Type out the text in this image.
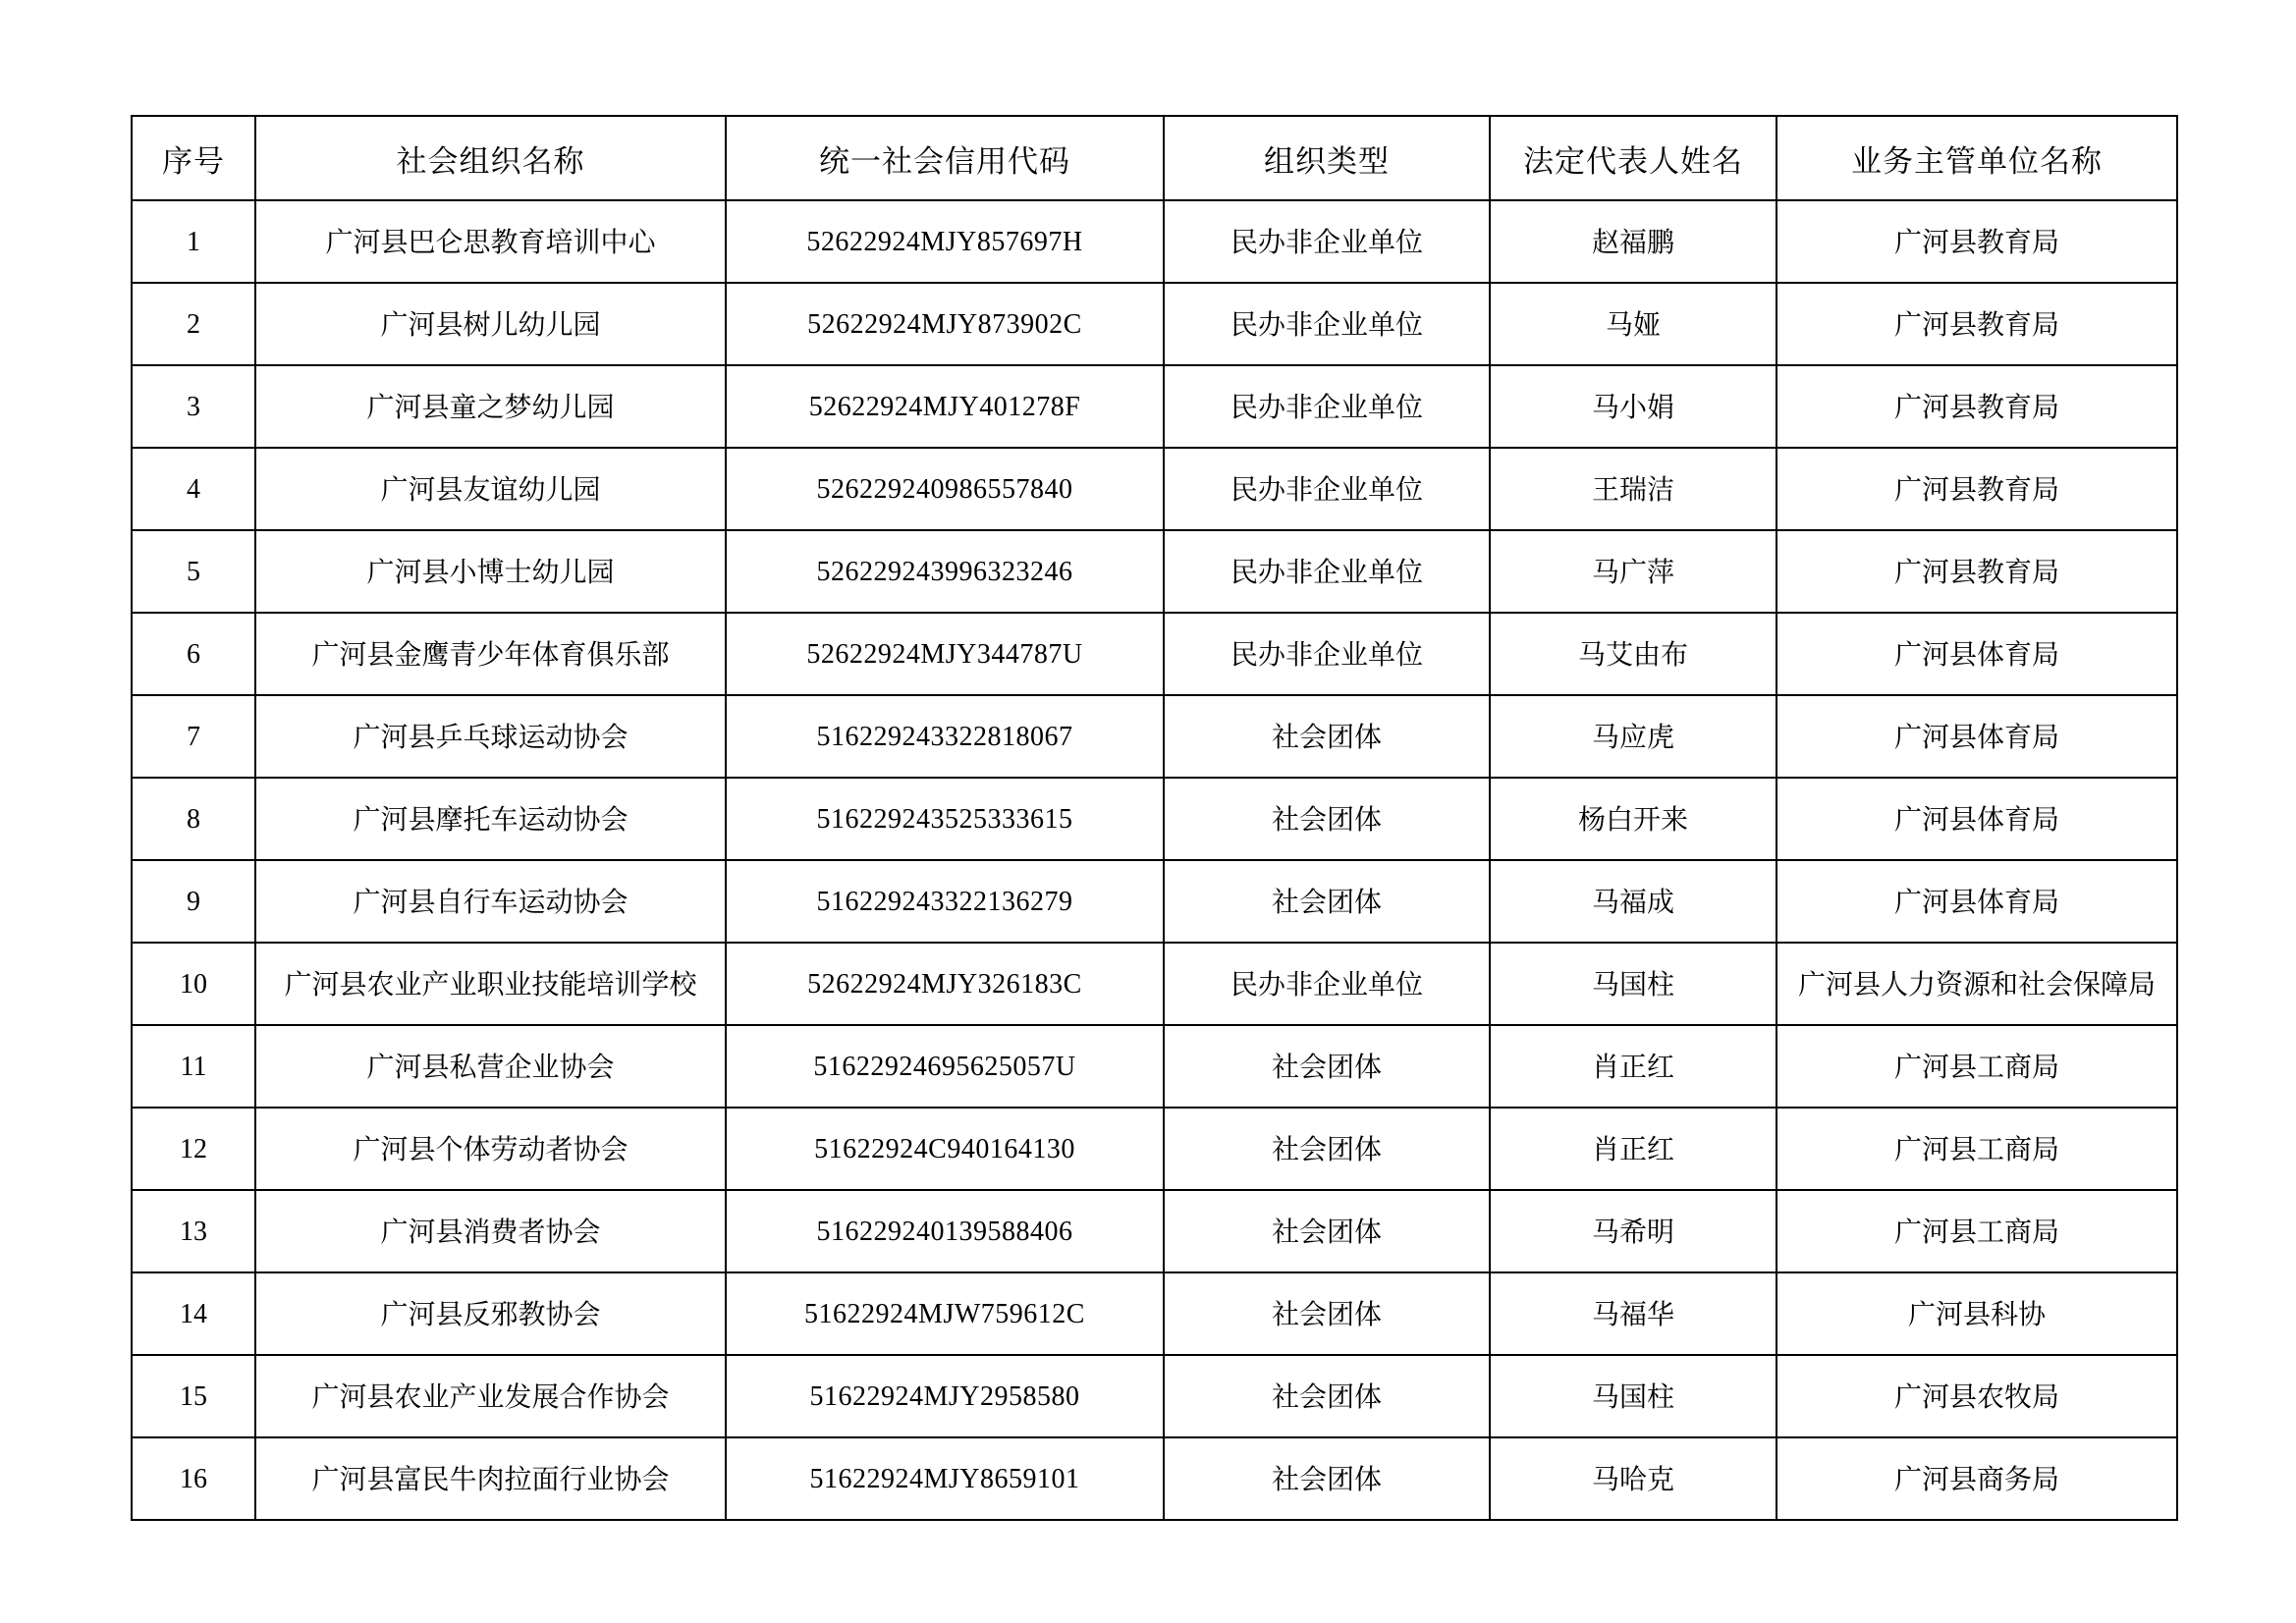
序号	社会组织名称	统一社会信用代码	组织类型	法定代表人姓名	业务主管单位名称
1	广河县巴仑思教育培训中心	52622924MJY857697H	民办非企业单位	赵福鹏	广河县教育局
2	广河县树儿幼儿园	52622924MJY873902C	民办非企业单位	马娅	广河县教育局
3	广河县童之梦幼儿园	52622924MJY401278F	民办非企业单位	马小娟	广河县教育局
4	广河县友谊幼儿园	526229240986557840	民办非企业单位	王瑞洁	广河县教育局
5	广河县小博士幼儿园	526229243996323246	民办非企业单位	马广萍	广河县教育局
6	广河县金鹰青少年体育俱乐部	52622924MJY344787U	民办非企业单位	马艾由布	广河县体育局
7	广河县乒乓球运动协会	516229243322818067	社会团体	马应虎	广河县体育局
8	广河县摩托车运动协会	516229243525333615	社会团体	杨白开来	广河县体育局
9	广河县自行车运动协会	516229243322136279	社会团体	马福成	广河县体育局
10	广河县农业产业职业技能培训学校	52622924MJY326183C	民办非企业单位	马国柱	广河县人力资源和社会保障局
11	广河县私营企业协会	51622924695625057U	社会团体	肖正红	广河县工商局
12	广河县个体劳动者协会	51622924C940164130	社会团体	肖正红	广河县工商局
13	广河县消费者协会	516229240139588406	社会团体	马希明	广河县工商局
14	广河县反邪教协会	51622924MJW759612C	社会团体	马福华	广河县科协
15	广河县农业产业发展合作协会	51622924MJY2958580	社会团体	马国柱	广河县农牧局
16	广河县富民牛肉拉面行业协会	51622924MJY8659101	社会团体	马哈克	广河县商务局
